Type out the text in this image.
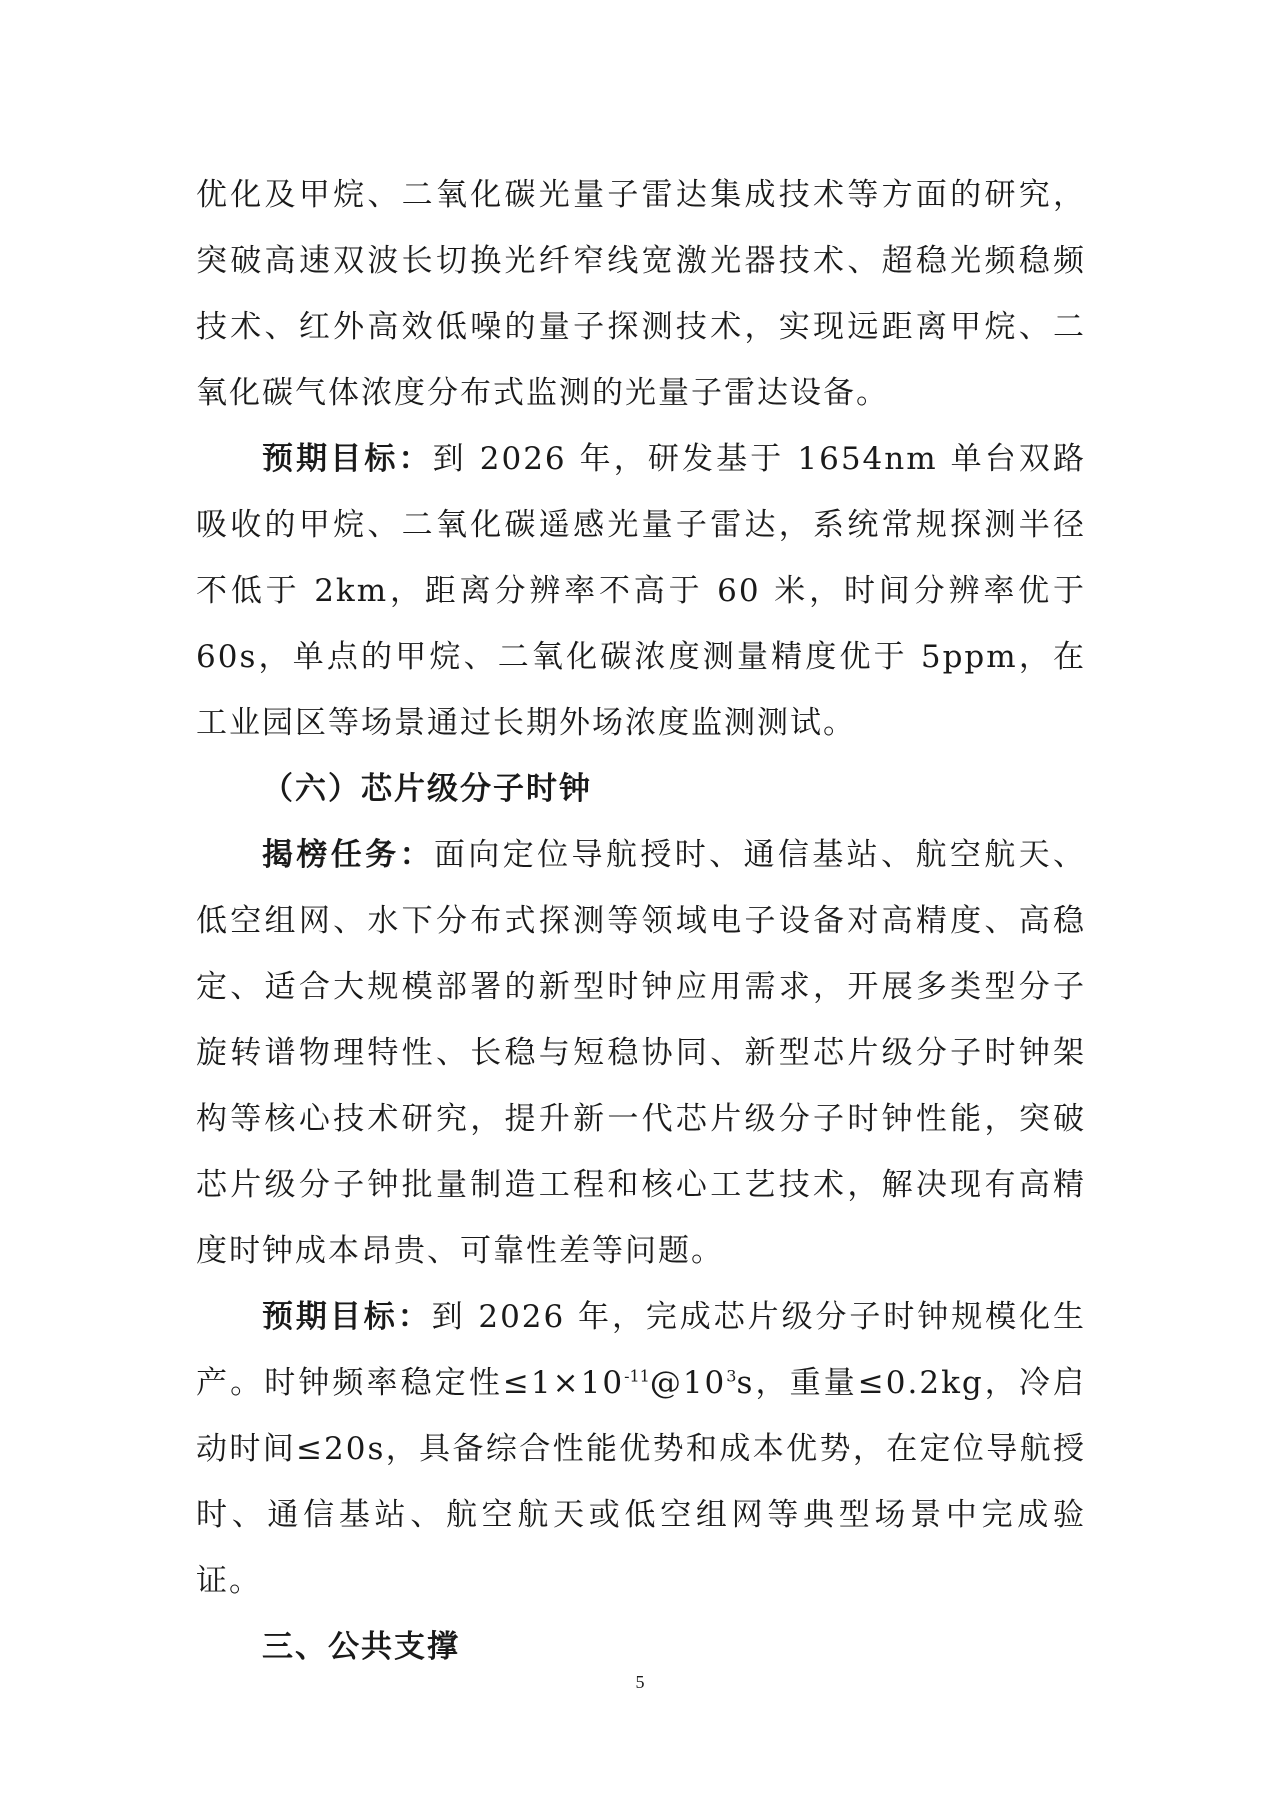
优化及甲烷、二氧化碳光量子雷达集成技术等方面的研究，突破高速双波长切换光纤窄线宽激光器技术、超稳光频稳频技术、红外高效低噪的量子探测技术，实现远距离甲烷、二氧化碳气体浓度分布式监测的光量子雷达设备。

预期目标：到 2026 年，研发基于 1654nm 单台双路吸收的甲烷、二氧化碳遥感光量子雷达，系统常规探测半径不低于 2km，距离分辨率不高于 60 米，时间分辨率优于 60s，单点的甲烷、二氧化碳浓度测量精度优于 5ppm，在工业园区等场景通过长期外场浓度监测测试。

（六）芯片级分子时钟

揭榜任务：面向定位导航授时、通信基站、航空航天、低空组网、水下分布式探测等领域电子设备对高精度、高稳定、适合大规模部署的新型时钟应用需求，开展多类型分子旋转谱物理特性、长稳与短稳协同、新型芯片级分子时钟架构等核心技术研究，提升新一代芯片级分子时钟性能，突破芯片级分子钟批量制造工程和核心工艺技术，解决现有高精度时钟成本昂贵、可靠性差等问题。

预期目标：到 2026 年，完成芯片级分子时钟规模化生产。时钟频率稳定性$\le 1\times 10^{-11}@10^3s$，重量≤0.2kg，冷启动时间≤20s，具备综合性能优势和成本优势，在定位导航授时、通信基站、航空航天或低空组网等典型场景中完成验证。

三、公共支撑

5
